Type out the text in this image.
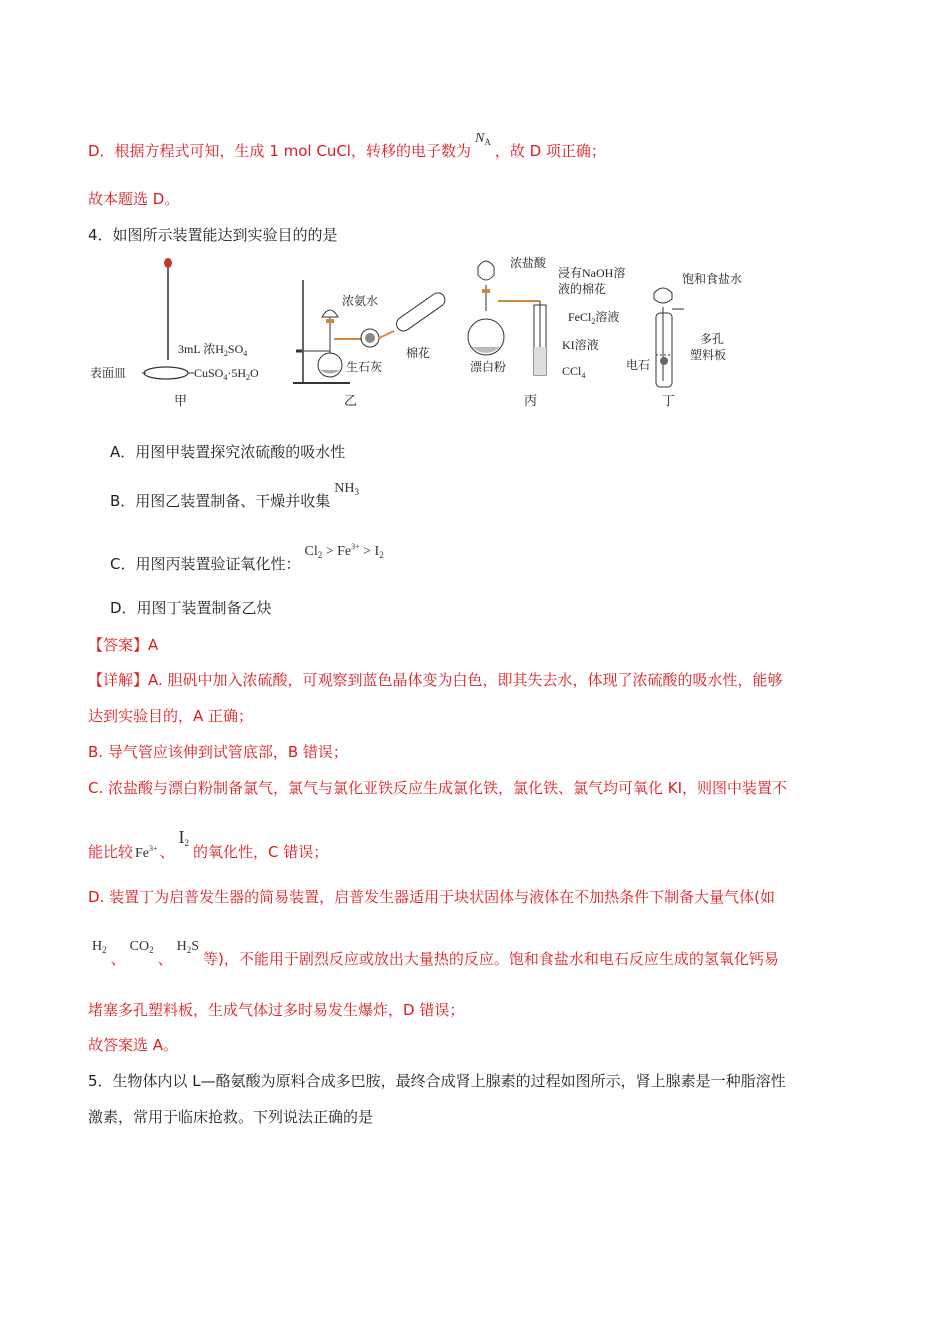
D．根据方程式可知，生成 1 mol CuCl，转移的电子数为$N_A$ ，故 D 项正确；
故本题选 D。
4．如图所示装置能达到实验目的的是
3mL 浓$H_2SO_4$
表面皿	$CuSO_4\cdot 5H_2O$
甲
浓氨水
生石灰
棉花
乙
浓盐酸
浸有NaOH溶
液的棉花
FeCl$_2$溶液
KI溶液
漂白粉	CCl$_4$
丙
饱和食盐水
多孔
塑料板
电石
丁
A．用图甲装置探究浓硫酸的吸水性
B．用图乙装置制备、干燥并收集$NH_3$
C．用图丙装置验证氧化性：$Cl_2 > Fe^{3+} > I_2$
D．用图丁装置制备乙炔
【答案】A
【详解】A. 胆矾中加入浓硫酸，可观察到蓝色晶体变为白色，即其失去水，体现了浓硫酸的吸水性，能够
达到实验目的，A 正确；
B. 导气管应该伸到试管底部，B 错误；
C. 浓盐酸与漂白粉制备氯气，氯气与氯化亚铁反应生成氯化铁，氯化铁、氯气均可氧化 KI，则图中装置不
能比较 $Fe^{3+}$ 、$I_2$ 的氧化性，C 错误；
D. 装置丁为启普发生器的简易装置，启普发生器适用于块状固体与液体在不加热条件下制备大量气体(如
$H_2$ 、$CO_2$ 、$H_2S$等)，不能用于剧烈反应或放出大量热的反应。饱和食盐水和电石反应生成的氢氧化钙易
堵塞多孔塑料板，生成气体过多时易发生爆炸，D 错误；
故答案选 A。
5．生物体内以 L—酪氨酸为原料合成多巴胺，最终合成肾上腺素的过程如图所示，肾上腺素是一种脂溶性
激素，常用于临床抢救。下列说法正确的是
